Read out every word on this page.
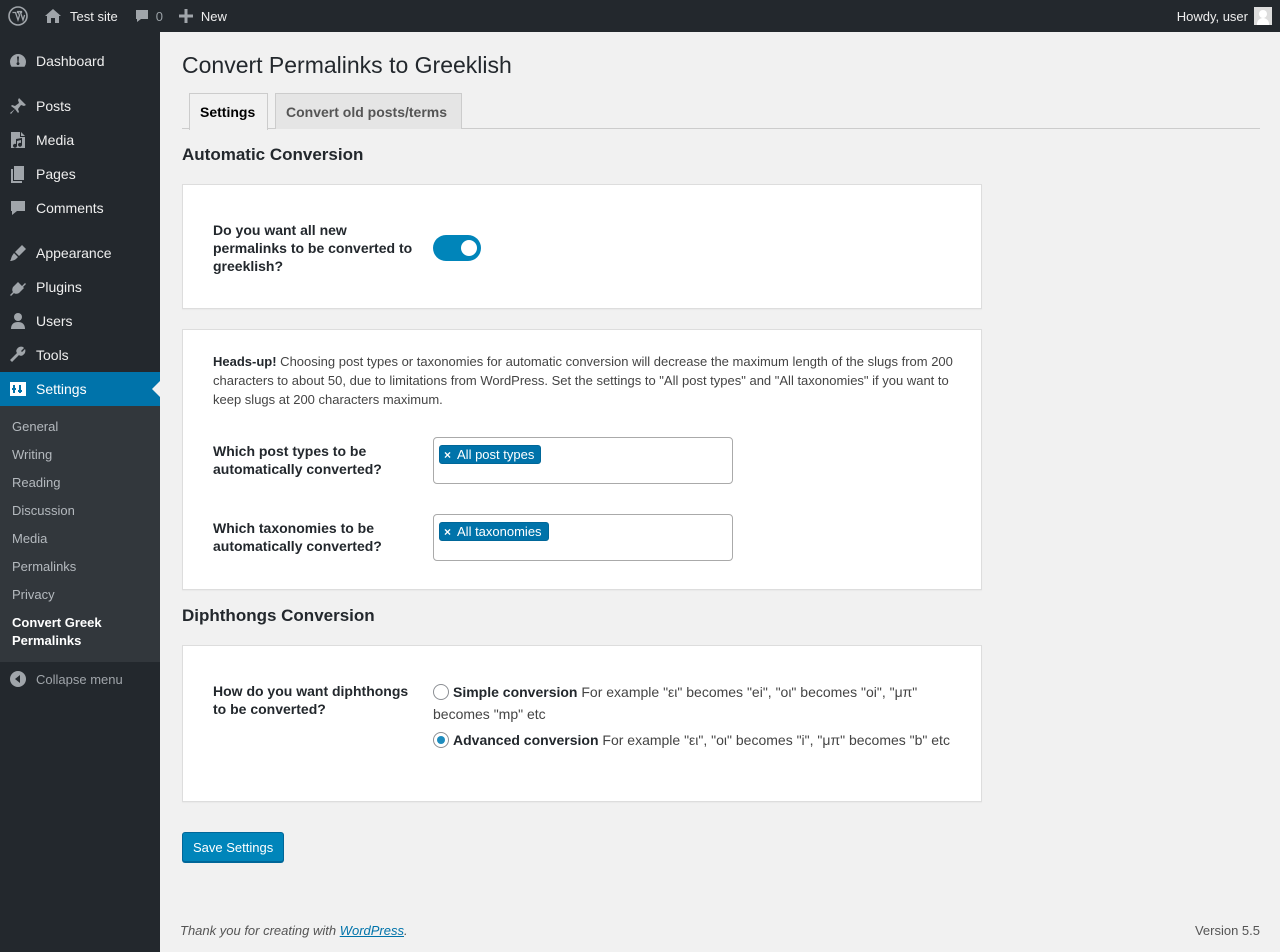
Test site	0	New	Howdy, user
Dashboard
Posts
Media
Pages
Comments
Appearance
Plugins
Users
Tools
Settings
General
Writing
Reading
Discussion
Media
Permalinks
Privacy
Convert Greek Permalinks
Collapse menu
Convert Permalinks to Greeklish
Settings	Convert old posts/terms
Automatic Conversion
Do you want all new permalinks to be converted to greeklish?

Heads-up! Choosing post types or taxonomies for automatic conversion will decrease the maximum length of the slugs from 200 characters to about 50, due to limitations from WordPress. Set the settings to "All post types" and "All taxonomies" if you want to keep slugs at 200 characters maximum.

Which post types to be automatically converted?
× All post types
Which taxonomies to be automatically converted?
× All taxonomies
Diphthongs Conversion
How do you want diphthongs to be converted?
Simple conversion For example "ει" becomes "ei", "οι" becomes "oi", "μπ" becomes "mp" etc
Advanced conversion For example "ει", "οι" becomes "i", "μπ" becomes "b" etc
Save Settings
Thank you for creating with WordPress.	Version 5.5
